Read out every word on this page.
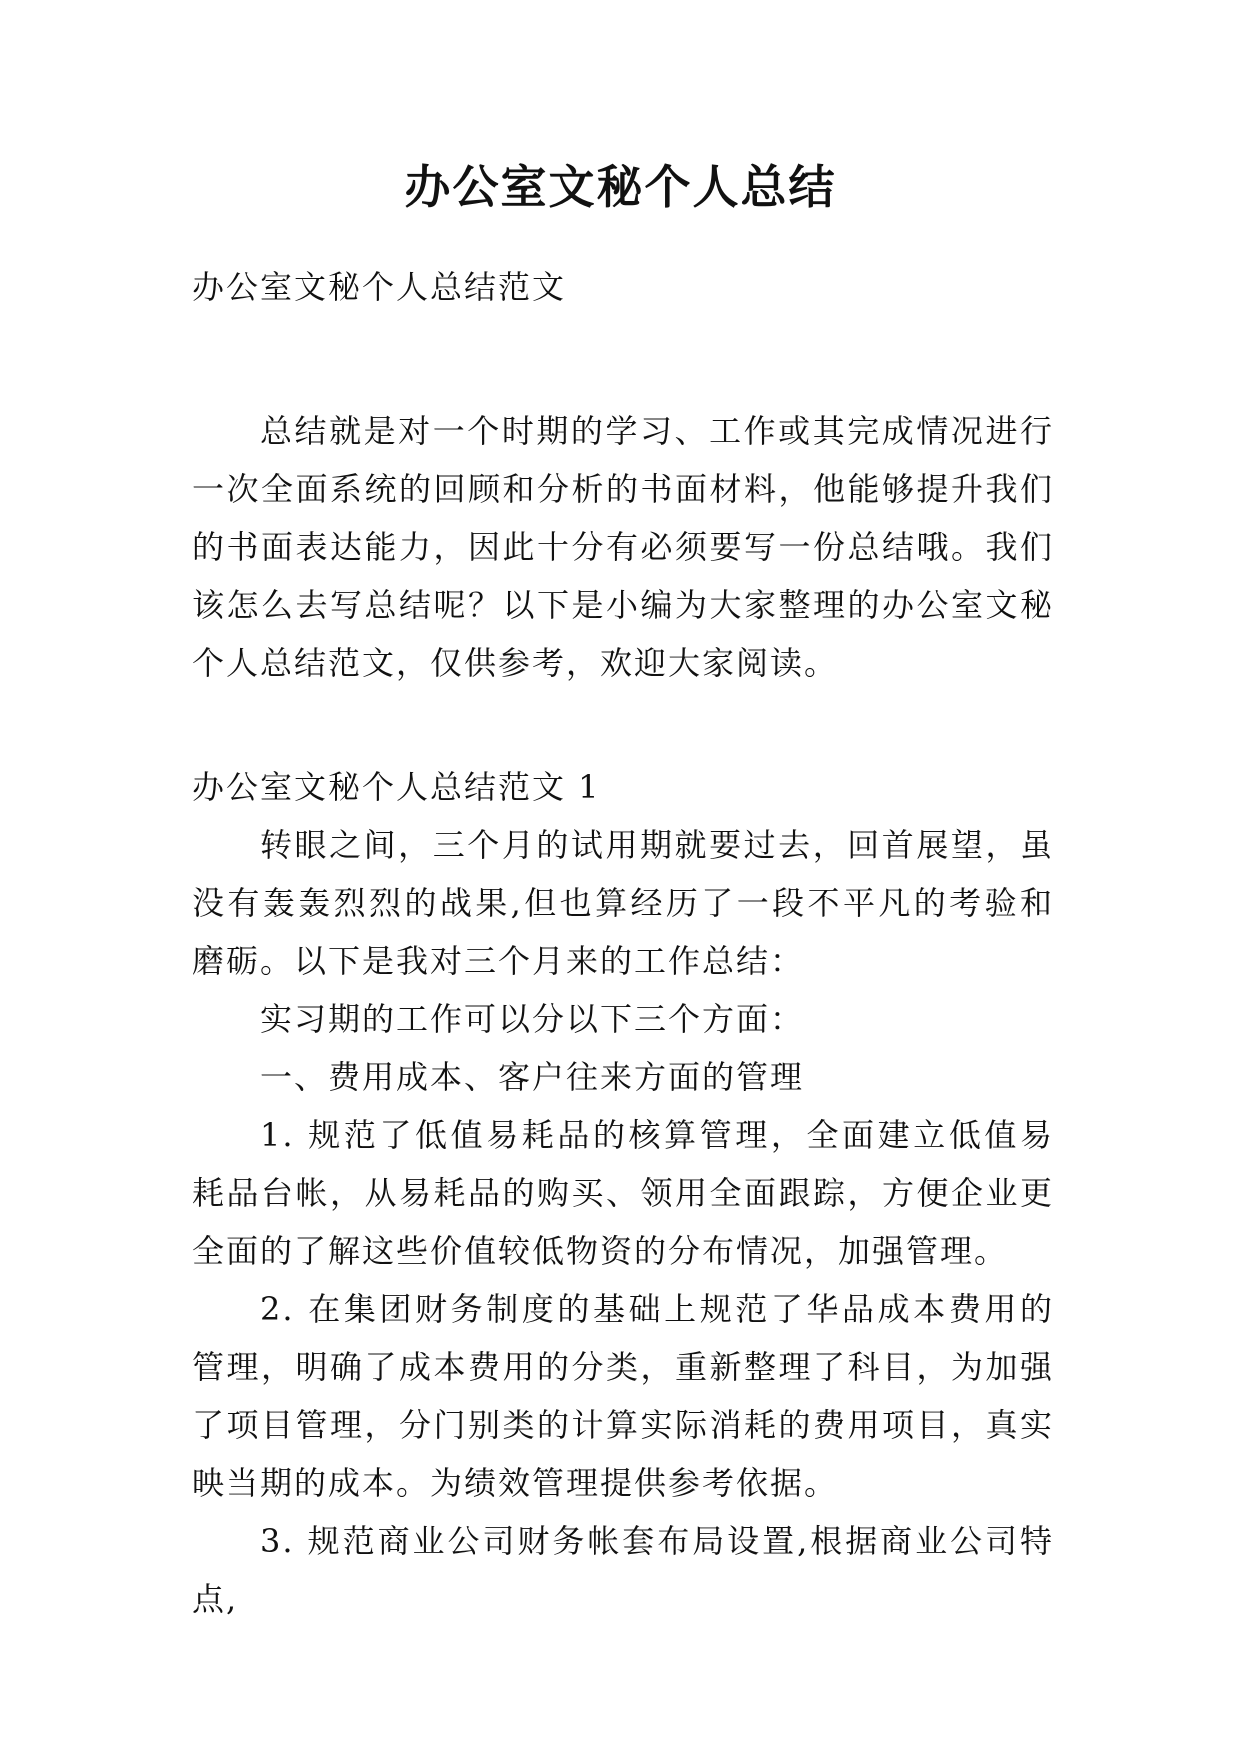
办公室文秘个人总结

办公室文秘个人总结范文

总结就是对一个时期的学习、工作或其完成情况进行一次全面系统的回顾和分析的书面材料，他能够提升我们的书面表达能力，因此十分有必须要写一份总结哦。我们该怎么去写总结呢？以下是小编为大家整理的办公室文秘个人总结范文，仅供参考，欢迎大家阅读。

办公室文秘个人总结范文 1

转眼之间，三个月的试用期就要过去，回首展望，虽没有轰轰烈烈的战果,但也算经历了一段不平凡的考验和磨砺。以下是我对三个月来的工作总结：

实习期的工作可以分以下三个方面：

一、费用成本、客户往来方面的管理

1. 规范了低值易耗品的核算管理，全面建立低值易耗品台帐，从易耗品的购买、领用全面跟踪，方便企业更全面的了解这些价值较低物资的分布情况，加强管理。

2. 在集团财务制度的基础上规范了华品成本费用的管理，明确了成本费用的分类，重新整理了科目，为加强了项目管理，分门别类的计算实际消耗的费用项目，真实映当期的成本。为绩效管理提供参考依据。

3. 规范商业公司财务帐套布局设置,根据商业公司特点,
